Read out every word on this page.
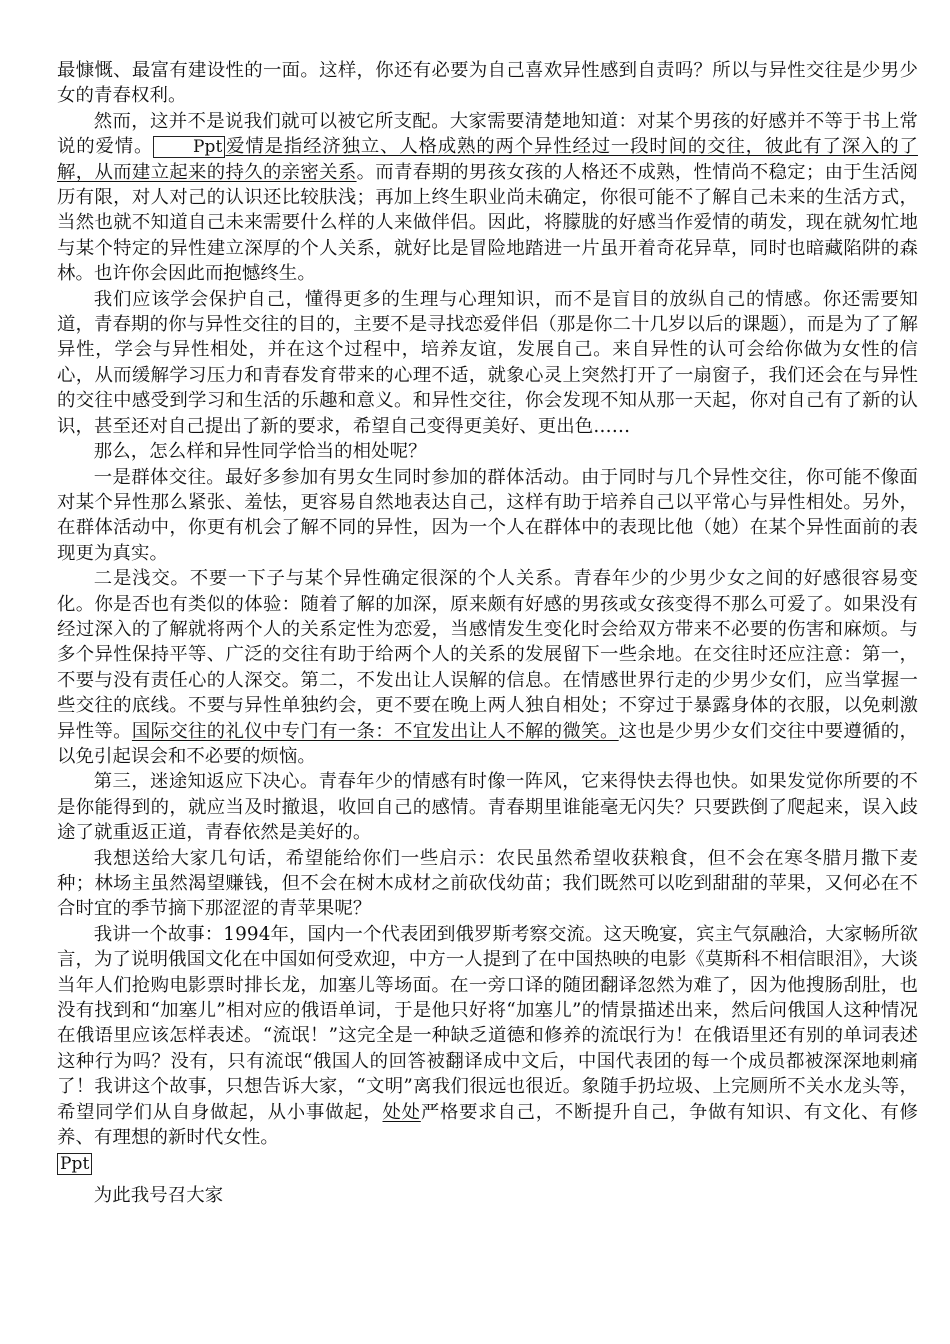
最慷慨、最富有建设性的一面。这样，你还有必要为自己喜欢异性感到自责吗？所以与异性交往是少男少女的青春权利。

然而，这并不是说我们就可以被它所支配。大家需要清楚地知道：对某个男孩的好感并不等于书上常说的爱情。 Ppt 爱情是指经济独立、人格成熟的两个异性经过一段时间的交往，彼此有了深入的了解，从而建立起来的持久的亲密关系。而青春期的男孩女孩的人格还不成熟，性情尚不稳定；由于生活阅历有限，对人对己的认识还比较肤浅；再加上终生职业尚未确定，你很可能不了解自己未来的生活方式，当然也就不知道自己未来需要什么样的人来做伴侣。因此，将朦胧的好感当作爱情的萌发，现在就匆忙地与某个特定的异性建立深厚的个人关系，就好比是冒险地踏进一片虽开着奇花异草，同时也暗藏陷阱的森林。也许你会因此而抱憾终生。

我们应该学会保护自己，懂得更多的生理与心理知识，而不是盲目的放纵自己的情感。你还需要知道，青春期的你与异性交往的目的，主要不是寻找恋爱伴侣（那是你二十几岁以后的课题），而是为了了解异性，学会与异性相处，并在这个过程中，培养友谊，发展自己。来自异性的认可会给你做为女性的信心，从而缓解学习压力和青春发育带来的心理不适，就象心灵上突然打开了一扇窗子，我们还会在与异性的交往中感受到学习和生活的乐趣和意义。和异性交往，你会发现不知从那一天起，你对自己有了新的认识，甚至还对自己提出了新的要求，希望自己变得更美好、更出色……

那么，怎么样和异性同学恰当的相处呢？

一是群体交往。最好多参加有男女生同时参加的群体活动。由于同时与几个异性交往，你可能不像面对某个异性那么紧张、羞怯，更容易自然地表达自己，这样有助于培养自己以平常心与异性相处。另外，在群体活动中，你更有机会了解不同的异性，因为一个人在群体中的表现比他（她）在某个异性面前的表现更为真实。

二是浅交。不要一下子与某个异性确定很深的个人关系。青春年少的少男少女之间的好感很容易变化。你是否也有类似的体验：随着了解的加深，原来颇有好感的男孩或女孩变得不那么可爱了。如果没有经过深入的了解就将两个人的关系定性为恋爱，当感情发生变化时会给双方带来不必要的伤害和麻烦。与多个异性保持平等、广泛的交往有助于给两个人的关系的发展留下一些余地。在交往时还应注意：第一，不要与没有责任心的人深交。第二，不发出让人误解的信息。在情感世界行走的少男少女们，应当掌握一些交往的底线。不要与异性单独约会，更不要在晚上两人独自相处；不穿过于暴露身体的衣服，以免刺激异性等。国际交往的礼仪中专门有一条：不宜发出让人不解的微笑。这也是少男少女们交往中要遵循的，以免引起误会和不必要的烦恼。

第三，迷途知返应下决心。青春年少的情感有时像一阵风，它来得快去得也快。如果发觉你所要的不是你能得到的，就应当及时撤退，收回自己的感情。青春期里谁能毫无闪失？只要跌倒了爬起来，误入歧途了就重返正道，青春依然是美好的。

我想送给大家几句话，希望能给你们一些启示：农民虽然希望收获粮食，但不会在寒冬腊月撒下麦种；林场主虽然渴望赚钱，但不会在树木成材之前砍伐幼苗；我们既然可以吃到甜甜的苹果，又何必在不合时宜的季节摘下那涩涩的青苹果呢？

我讲一个故事：1994年，国内一个代表团到俄罗斯考察交流。这天晚宴，宾主气氛融洽，大家畅所欲言，为了说明俄国文化在中国如何受欢迎，中方一人提到了在中国热映的电影《莫斯科不相信眼泪》，大谈当年人们抢购电影票时排长龙，加塞儿等场面。在一旁口译的随团翻译忽然为难了，因为他搜肠刮肚，也没有找到和“加塞儿”相对应的俄语单词，于是他只好将“加塞儿”的情景描述出来，然后问俄国人这种情况在俄语里应该怎样表述。“流氓！”这完全是一种缺乏道德和修养的流氓行为！在俄语里还有别的单词表述这种行为吗？没有，只有流氓“俄国人的回答被翻译成中文后，中国代表团的每一个成员都被深深地刺痛了！我讲这个故事，只想告诉大家，“文明”离我们很远也很近。象随手扔垃圾、上完厕所不关水龙头等，希望同学们从自身做起，从小事做起，处处严格要求自己，不断提升自己，争做有知识、有文化、有修养、有理想的新时代女性。

Ppt

为此我号召大家
